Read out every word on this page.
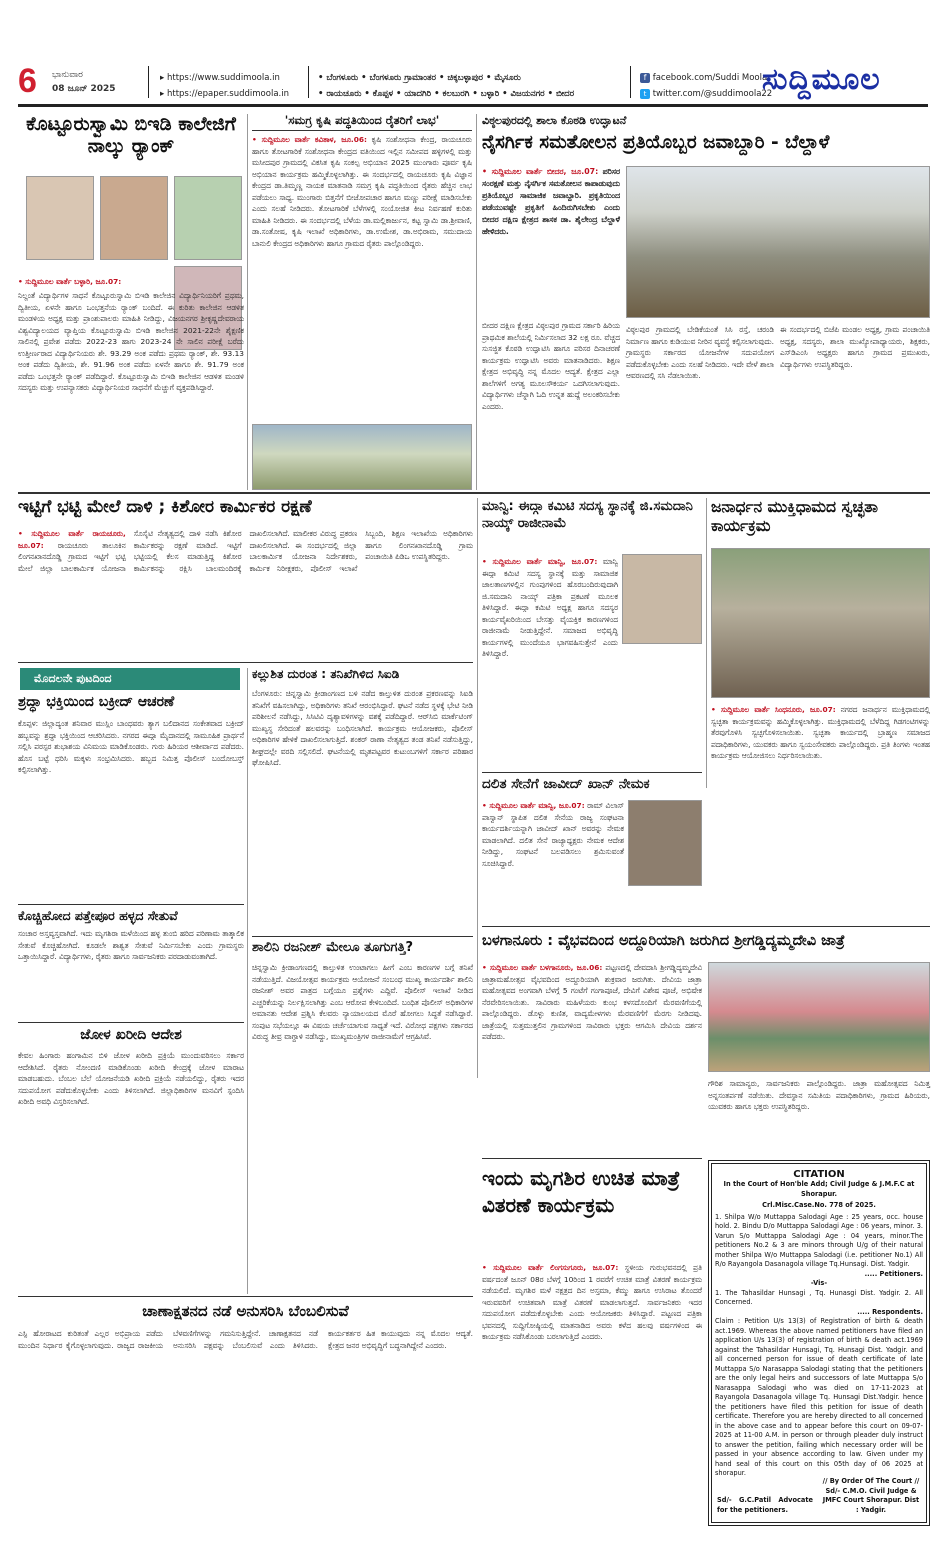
6 ಭಾನುವಾರ
08 ಜೂನ್ 2025
▸ https://www.suddimoola.in
▸ https://epaper.suddimoola.in
• ಬೆಂಗಳೂರು • ಬೆಂಗಳೂರು ಗ್ರಾಮಾಂತರ • ಚಿಕ್ಕಬಳ್ಳಾಪುರ • ಮೈಸೂರು
• ರಾಯಚೂರು • ಕೊಪ್ಪಳ • ಯಾದಗಿರಿ • ಕಲಬುರಗಿ • ಬಳ್ಳಾರಿ • ವಿಜಯನಗರ • ಬೀದರ
f facebook.com/Suddi Moola
t twitter.com/@suddimoola22
ಸುದ್ದಿಮೂಲ
ಕೊಟ್ಟೂರುಸ್ವಾಮಿ ಬಿಇಡಿ ಕಾಲೇಜಿಗೆ ನಾಲ್ಕು ರ್‍ಯಾಂಕ್
• ಸುದ್ದಿಮೂಲ ವಾರ್ತೆ ಬಳ್ಳಾರಿ, ಜೂ.07:
ನಿಲ್ದಂತೆ ವಿದ್ಯಾರ್ಥಿಗಳ ಸಾಧನೆ ಕೊಟ್ಟೂರುಸ್ವಾಮಿ ಬಿಇಡಿ ಕಾಲೇಜಿನ ವಿದ್ಯಾರ್ಥಿನಿಯರಿಗೆ ಪ್ರಥಮ, ದ್ವಿತೀಯ, ಏಳನೇ ಹಾಗೂ ಒಂಭತ್ತನೆಯ ರ್‍ಯಾಂಕ್ ಬಂದಿದೆ. ಈ ಕುರಿತು ಕಾಲೇಜಿನ ಆಡಳಿತ ಮಂಡಳಿಯ ಅಧ್ಯಕ್ಷ ಮತ್ತು ಪ್ರಾಂಶುಪಾಲರು ಮಾಹಿತಿ ನೀಡಿದ್ದು, ವಿಜಯನಗರ ಶ್ರೀಕೃಷ್ಣದೇವರಾಯ ವಿಶ್ವವಿದ್ಯಾಲಯದ ವ್ಯಾಪ್ತಿಯ ಕೊಟ್ಟೂರುಸ್ವಾಮಿ ಬಿಇಡಿ ಕಾಲೇಜಿನ 2021-22ನೇ ಶೈಕ್ಷಣಿಕ ಸಾಲಿನಲ್ಲಿ ಪ್ರವೇಶ ಪಡೆದು 2022-23 ಹಾಗು 2023-24 ನೇ ಸಾಲಿನ ಪರೀಕ್ಷೆ ಬರೆದು ಉತ್ತೀರ್ಣರಾದ ವಿದ್ಯಾರ್ಥಿನಿಯರು ಶೇ. 93.29 ಅಂಕ ಪಡೆದು ಪ್ರಥಮ ರ್‍ಯಾಂಕ್, ಶೇ. 93.13 ಅಂಕ ಪಡೆದು ದ್ವಿತೀಯ, ಶೇ. 91.96 ಅಂಕ ಪಡೆದು ಏಳನೇ ಹಾಗೂ ಶೇ. 91.79 ಅಂಕ ಪಡೆದು ಒಂಭತ್ತನೇ ರ್‍ಯಾಂಕ್ ಪಡೆದಿದ್ದಾರೆ. ಕೊಟ್ಟೂರುಸ್ವಾಮಿ ಬಿಇಡಿ ಕಾಲೇಜಿನ ಆಡಳಿತ ಮಂಡಳಿ ಸದಸ್ಯರು ಮತ್ತು ಉಪನ್ಯಾಸಕರು ವಿದ್ಯಾರ್ಥಿನಿಯರ ಸಾಧನೆಗೆ ಮೆಚ್ಚುಗೆ ವ್ಯಕ್ತಪಡಿಸಿದ್ದಾರೆ.
'ಸಮಗ್ರ ಕೃಷಿ ಪದ್ಧತಿಯಿಂದ ರೈತರಿಗೆ ಲಾಭ'
• ಸುದ್ದಿಮೂಲ ವಾರ್ತೆ ಕವಿತಾಳ, ಜೂ.06: ಕೃಷಿ ಸಂಶೋಧನಾ ಕೇಂದ್ರ, ರಾಯಚೂರು ಹಾಗೂ ತೋಟಗಾರಿಕೆ ಸಂಶೋಧನಾ ಕೇಂದ್ರದ ವತಿಯಿಂದ ಇಲ್ಲಿನ ಸಮೀಪದ ಹಳ್ಳಿಗಳಲ್ಲಿ ಮತ್ತು ಮಸೀದಪುರ ಗ್ರಾಮದಲ್ಲಿ ವಿಕಸಿತ ಕೃಷಿ ಸಂಕಲ್ಪ ಅಭಿಯಾನ 2025 ಮುಂಗಾರು ಪೂರ್ವ ಕೃಷಿ ಅಭಿಯಾನ ಕಾರ್ಯಕ್ರಮ ಹಮ್ಮಿಕೊಳ್ಳಲಾಗಿತ್ತು. ಈ ಸಂದರ್ಭದಲ್ಲಿ ರಾಯಚೂರು ಕೃಷಿ ವಿಜ್ಞಾನ ಕೇಂದ್ರದ ಡಾ.ತಿಮ್ಮಣ್ಣ ನಾಯಕ ಮಾತನಾಡಿ ಸಮಗ್ರ ಕೃಷಿ ಪದ್ಧತಿಯಿಂದ ರೈತರು ಹೆಚ್ಚಿನ ಲಾಭ ಪಡೆಯಲು ಸಾಧ್ಯ. ಮುಂಗಾರು ಬಿತ್ತನೆಗೆ ಬೀಜೋಪಚಾರ ಹಾಗೂ ಮಣ್ಣು ಪರೀಕ್ಷೆ ಮಾಡಿಸಬೇಕು ಎಂದು ಸಲಹೆ ನೀಡಿದರು. ತೋಟಗಾರಿಕೆ ಬೆಳೆಗಳಲ್ಲಿ ಸಂಯೋಜಿತ ಕೀಟ ನಿರ್ವಹಣೆ ಕುರಿತು ಮಾಹಿತಿ ನೀಡಿದರು. ಈ ಸಂದರ್ಭದಲ್ಲಿ ಬೆಳೆಯ ಡಾ.ಮಲ್ಲಿಕಾರ್ಜುನ, ಕಟ್ಟ ಸ್ವಾಮಿ ಡಾ.ಶ್ರೀವಾಣಿ, ಡಾ.ಸಂತೋಷ, ಕೃಷಿ ಇಲಾಖೆ ಅಧಿಕಾರಿಗಳು, ಡಾ.ಉಮೇಶ, ಡಾ.ಅಭಿರಾಮ, ಸಮುದಾಯ ಬಾನುಲಿ ಕೇಂದ್ರದ ಅಧಿಕಾರಿಗಳು ಹಾಗೂ ಗ್ರಾಮದ ರೈತರು ಪಾಲ್ಗೊಂಡಿದ್ದರು.
ವಿಠ್ಠಲಪುರದಲ್ಲಿ ಶಾಲಾ ಕೊಠಡಿ ಉದ್ಘಾಟನೆ
ನೈಸರ್ಗಿಕ ಸಮತೋಲನ ಪ್ರತಿಯೊಬ್ಬರ ಜವಾಬ್ದಾರಿ - ಬೆಲ್ದಾಳೆ
• ಸುದ್ದಿಮೂಲ ವಾರ್ತೆ ಬೀದರ, ಜೂ.07: ಪರಿಸರ ಸಂರಕ್ಷಣೆ ಮತ್ತು ನೈಸರ್ಗಿಕ ಸಮತೋಲನ ಕಾಪಾಡುವುದು ಪ್ರತಿಯೊಬ್ಬರ ಸಾಮಾಜಿಕ ಜವಾಬ್ದಾರಿ. ಪ್ರಕೃತಿಯಿಂದ ಪಡೆಯುವಷ್ಟೇ ಪ್ರಕೃತಿಗೆ ಹಿಂದಿರುಗಿಸಬೇಕು ಎಂದು ಬೀದರ ದಕ್ಷಿಣ ಕ್ಷೇತ್ರದ ಶಾಸಕ ಡಾ. ಶೈಲೇಂದ್ರ ಬೆಲ್ದಾಳೆ ಹೇಳಿದರು.
ಬೀದರ ದಕ್ಷಿಣ ಕ್ಷೇತ್ರದ ವಿಠ್ಠಲಪುರ ಗ್ರಾಮದ ಸರ್ಕಾರಿ ಹಿರಿಯ ಪ್ರಾಥಮಿಕ ಶಾಲೆಯಲ್ಲಿ ನಿರ್ಮಿಸಲಾದ 32 ಲಕ್ಷ ರೂ. ವೆಚ್ಚದ ಸುಸಜ್ಜಿತ ಕೊಠಡಿ ಉದ್ಘಾಟಿಸಿ ಹಾಗೂ ಪರಿಸರ ದಿನಾಚರಣೆ ಕಾರ್ಯಕ್ರಮ ಉದ್ಘಾಟಿಸಿ ಅವರು ಮಾತನಾಡಿದರು. ಶಿಕ್ಷಣ ಕ್ಷೇತ್ರದ ಅಭಿವೃದ್ಧಿ ನನ್ನ ಮೊದಲ ಆದ್ಯತೆ. ಕ್ಷೇತ್ರದ ಎಲ್ಲಾ ಶಾಲೆಗಳಿಗೆ ಅಗತ್ಯ ಮೂಲಸೌಕರ್ಯ ಒದಗಿಸಲಾಗುವುದು. ವಿದ್ಯಾರ್ಥಿಗಳು ಚೆನ್ನಾಗಿ ಓದಿ ಉನ್ನತ ಹುದ್ದೆ ಅಲಂಕರಿಸಬೇಕು ಎಂದರು.
ವಿಠ್ಠಲಪುರ ಗ್ರಾಮದಲ್ಲಿ ಬೇಡಿಕೆಯಂತೆ ಸಿಸಿ ರಸ್ತೆ, ಚರಂಡಿ ನಿರ್ಮಾಣ ಹಾಗೂ ಕುಡಿಯುವ ನೀರಿನ ವ್ಯವಸ್ಥೆ ಕಲ್ಪಿಸಲಾಗುವುದು. ಗ್ರಾಮಸ್ಥರು ಸರ್ಕಾರದ ಯೋಜನೆಗಳ ಸದುಪಯೋಗ ಪಡೆದುಕೊಳ್ಳಬೇಕು ಎಂದು ಸಲಹೆ ನೀಡಿದರು. ಇದೇ ವೇಳೆ ಶಾಲಾ ಆವರಣದಲ್ಲಿ ಸಸಿ ನೆಡಲಾಯಿತು.
ಈ ಸಂದರ್ಭದಲ್ಲಿ ಬಿಜೆಪಿ ಮಂಡಲ ಅಧ್ಯಕ್ಷ, ಗ್ರಾಮ ಪಂಚಾಯಿತಿ ಅಧ್ಯಕ್ಷ, ಸದಸ್ಯರು, ಶಾಲಾ ಮುಖ್ಯೋಪಾಧ್ಯಾಯರು, ಶಿಕ್ಷಕರು, ಎಸ್‌ಡಿಎಂಸಿ ಅಧ್ಯಕ್ಷರು ಹಾಗೂ ಗ್ರಾಮದ ಪ್ರಮುಖರು, ವಿದ್ಯಾರ್ಥಿಗಳು ಉಪಸ್ಥಿತರಿದ್ದರು.
ಇಟ್ಟಿಗೆ ಭಟ್ಟಿ ಮೇಲೆ ದಾಳಿ ; ಕಿಶೋರ ಕಾರ್ಮಿಕರ ರಕ್ಷಣೆ
• ಸುದ್ದಿಮೂಲ ವಾರ್ತೆ ರಾಯಚೂರು, ಜೂ.07: ರಾಯಚೂರು ತಾಲೂಕಿನ ಲಿಂಗನಖಾನದೊಡ್ಡಿ ಗ್ರಾಮದ ಇಟ್ಟಿಗೆ ಭಟ್ಟಿ ಮೇಲೆ ಜಿಲ್ಲಾ ಬಾಲಕಾರ್ಮಿಕ ಯೋಜನಾ ಸೊಸೈಟಿ ನೇತೃತ್ವದಲ್ಲಿ ದಾಳಿ ನಡೆಸಿ ಕಿಶೋರ ಕಾರ್ಮಿಕರನ್ನು ರಕ್ಷಣೆ ಮಾಡಿದೆ. ಇಟ್ಟಿಗೆ ಭಟ್ಟಿಯಲ್ಲಿ ಕೆಲಸ ಮಾಡುತ್ತಿದ್ದ ಕಿಶೋರ ಕಾರ್ಮಿಕನನ್ನು ರಕ್ಷಿಸಿ ಬಾಲಮಂದಿರಕ್ಕೆ ದಾಖಲಿಸಲಾಗಿದೆ. ಮಾಲೀಕರ ವಿರುದ್ಧ ಪ್ರಕರಣ ದಾಖಲಿಸಲಾಗಿದೆ. ಈ ಸಂದರ್ಭದಲ್ಲಿ ಜಿಲ್ಲಾ ಬಾಲಕಾರ್ಮಿಕ ಯೋಜನಾ ನಿರ್ದೇಶಕರು, ಕಾರ್ಮಿಕ ನಿರೀಕ್ಷಕರು, ಪೊಲೀಸ್ ಇಲಾಖೆ ಸಿಬ್ಬಂದಿ, ಶಿಕ್ಷಣ ಇಲಾಖೆಯ ಅಧಿಕಾರಿಗಳು ಹಾಗೂ ಲಿಂಗನಖಾನದೊಡ್ಡಿ ಗ್ರಾಮ ಪಂಚಾಯಿತಿ ಪಿಡಿಒ ಉಪಸ್ಥಿತರಿದ್ದರು.
ಮಾನ್ವಿ: ಈದ್ಗಾ ಕಮಿಟಿ ಸದಸ್ಯ ಸ್ಥಾನಕ್ಕೆ ಜಿ.ಸಮದಾನಿ ನಾಯ್ಕ್ ರಾಜೀನಾಮೆ
• ಸುದ್ದಿಮೂಲ ವಾರ್ತೆ ಮಾನ್ವಿ, ಜೂ.07: ಮಾನ್ವಿ ಈದ್ಗಾ ಕಮಿಟಿ ಸದಸ್ಯ ಸ್ಥಾನಕ್ಕೆ ಮತ್ತು ಸಾಮಾಜಿಕ ಜಾಲತಾಣಗಳಲ್ಲಿನ ಗುಂಪುಗಳಿಂದ ಹೊರಬಂದಿರುವುದಾಗಿ ಜಿ.ಸಮದಾನಿ ನಾಯ್ಕ್ ಪತ್ರಿಕಾ ಪ್ರಕಟಣೆ ಮೂಲಕ ತಿಳಿಸಿದ್ದಾರೆ. ಈದ್ಗಾ ಕಮಿಟಿ ಅಧ್ಯಕ್ಷ ಹಾಗೂ ಸದಸ್ಯರ ಕಾರ್ಯವೈಖರಿಯಿಂದ ಬೇಸತ್ತು ವೈಯಕ್ತಿಕ ಕಾರಣಗಳಿಂದ ರಾಜೀನಾಮೆ ನೀಡುತ್ತಿದ್ದೇನೆ. ಸಮಾಜದ ಅಭಿವೃದ್ಧಿ ಕಾರ್ಯಗಳಲ್ಲಿ ಮುಂದೆಯೂ ಭಾಗವಹಿಸುತ್ತೇನೆ ಎಂದು ತಿಳಿಸಿದ್ದಾರೆ.
ಜನಾರ್ಧನ ಮುಕ್ತಿಧಾಮದ ಸ್ವಚ್ಛತಾ ಕಾರ್ಯಕ್ರಮ
• ಸುದ್ದಿಮೂಲ ವಾರ್ತೆ ಸಿಂಧನೂರು, ಜೂ.07: ನಗರದ ಜನಾರ್ಧನ ಮುಕ್ತಿಧಾಮದಲ್ಲಿ ಸ್ವಚ್ಛತಾ ಕಾರ್ಯಕ್ರಮವನ್ನು ಹಮ್ಮಿಕೊಳ್ಳಲಾಗಿತ್ತು. ಮುಕ್ತಿಧಾಮದಲ್ಲಿ ಬೆಳೆದಿದ್ದ ಗಿಡಗಂಟಿಗಳನ್ನು ತೆರವುಗೊಳಿಸಿ ಸ್ವಚ್ಛಗೊಳಿಸಲಾಯಿತು. ಸ್ವಚ್ಛತಾ ಕಾರ್ಯದಲ್ಲಿ ಬ್ರಾಹ್ಮಣ ಸಮಾಜದ ಪದಾಧಿಕಾರಿಗಳು, ಯುವಕರು ಹಾಗೂ ಸ್ವಯಂಸೇವಕರು ಪಾಲ್ಗೊಂಡಿದ್ದರು. ಪ್ರತಿ ತಿಂಗಳು ಇಂತಹ ಕಾರ್ಯಕ್ರಮ ಆಯೋಜಿಸಲು ನಿರ್ಧರಿಸಲಾಯಿತು.
ದಲಿತ ಸೇನೆಗೆ ಜಾವೀದ್ ಖಾನ್ ನೇಮಕ
• ಸುದ್ದಿಮೂಲ ವಾರ್ತೆ ಮಾನ್ವಿ, ಜೂ.07: ರಾಮ್ ವಿಲಾಸ್ ಪಾಸ್ವಾನ್ ಸ್ಥಾಪಿತ ದಲಿತ ಸೇನೆಯ ರಾಜ್ಯ ಸಂಘಟನಾ ಕಾರ್ಯದರ್ಶಿಯನ್ನಾಗಿ ಜಾವೀದ್ ಖಾನ್ ಅವರನ್ನು ನೇಮಕ ಮಾಡಲಾಗಿದೆ. ದಲಿತ ಸೇನೆ ರಾಜ್ಯಾಧ್ಯಕ್ಷರು ನೇಮಕ ಆದೇಶ ನೀಡಿದ್ದು, ಸಂಘಟನೆ ಬಲಪಡಿಸಲು ಶ್ರಮಿಸುವಂತೆ ಸೂಚಿಸಿದ್ದಾರೆ.
ಬಳಗಾನೂರು : ವೈಭವದಿಂದ ಅದ್ದೂರಿಯಾಗಿ ಜರುಗಿದ ಶ್ರೀಗಡ್ಡಿದ್ಯಮ್ಮದೇವಿ ಜಾತ್ರೆ
• ಸುದ್ದಿಮೂಲ ವಾರ್ತೆ ಬಳಗಾನೂರು, ಜೂ.06: ಪಟ್ಟಣದಲ್ಲಿ ದೇವದಾಸಿ ಶ್ರೀಗಡ್ಡಿದ್ಯಮ್ಮದೇವಿ ಜಾತ್ರಾಮಹೋತ್ಸವ ವೈಭವದಿಂದ ಅದ್ದೂರಿಯಾಗಿ ಶುಕ್ರವಾರ ಜರುಗಿತು. ದೇವಿಯ ಜಾತ್ರಾ ಮಹೋತ್ಸವದ ಅಂಗವಾಗಿ ಬೆಳಗ್ಗೆ 5 ಗಂಟೆಗೆ ಗಂಗಾಪೂಜೆ, ದೇವಿಗೆ ವಿಶೇಷ ಪೂಜೆ, ಅಭಿಷೇಕ ನೆರವೇರಿಸಲಾಯಿತು. ಸಾವಿರಾರು ಮಹಿಳೆಯರು ಕುಂಭ ಕಳಸದೊಂದಿಗೆ ಮೆರವಣಿಗೆಯಲ್ಲಿ ಪಾಲ್ಗೊಂಡಿದ್ದರು. ಡೊಳ್ಳು ಕುಣಿತ, ವಾದ್ಯಮೇಳಗಳು ಮೆರವಣಿಗೆಗೆ ಮೆರಗು ನೀಡಿದವು. ಜಾತ್ರೆಯಲ್ಲಿ ಸುತ್ತಮುತ್ತಲಿನ ಗ್ರಾಮಗಳಿಂದ ಸಾವಿರಾರು ಭಕ್ತರು ಆಗಮಿಸಿ ದೇವಿಯ ದರ್ಶನ ಪಡೆದರು.
ಗೌರಿಶ ಸಾಮಾನ್ಯರು, ಸಾರ್ವಜನಿಕರು ಪಾಲ್ಗೊಂಡಿದ್ದರು. ಜಾತ್ರಾ ಮಹೋತ್ಸವದ ನಿಮಿತ್ತ ಅನ್ನಸಂತರ್ಪಣೆ ನಡೆಯಿತು. ದೇವಸ್ಥಾನ ಸಮಿತಿಯ ಪದಾಧಿಕಾರಿಗಳು, ಗ್ರಾಮದ ಹಿರಿಯರು, ಯುವಕರು ಹಾಗೂ ಭಕ್ತರು ಉಪಸ್ಥಿತರಿದ್ದರು.
ಇಂದು ಮೃಗಶಿರ ಉಚಿತ ಮಾತ್ರೆ ವಿತರಣೆ ಕಾರ್ಯಕ್ರಮ
• ಸುದ್ದಿಮೂಲ ವಾರ್ತೆ ಲಿಂಗಸುಗೂರು, ಜೂ.07: ಸ್ಥಳೀಯ ಗುರುಭವನದಲ್ಲಿ ಪ್ರತಿ ವರ್ಷದಂತೆ ಜೂನ್ 08ರ ಬೆಳಗ್ಗೆ 10ರಿಂದ 1 ರವರೆಗೆ ಉಚಿತ ಮಾತ್ರೆ ವಿತರಣೆ ಕಾರ್ಯಕ್ರಮ ನಡೆಯಲಿದೆ. ಮೃಗಶಿರ ಮಳೆ ನಕ್ಷತ್ರದ ದಿನ ಅಸ್ತಮಾ, ಕೆಮ್ಮು ಹಾಗೂ ಉಸಿರಾಟ ತೊಂದರೆ ಇರುವವರಿಗೆ ಉಚಿತವಾಗಿ ಮಾತ್ರೆ ವಿತರಣೆ ಮಾಡಲಾಗುತ್ತದೆ. ಸಾರ್ವಜನಿಕರು ಇದರ ಸದುಪಯೋಗ ಪಡೆದುಕೊಳ್ಳಬೇಕು ಎಂದು ಆಯೋಜಕರು ತಿಳಿಸಿದ್ದಾರೆ. ಪಟ್ಟಣದ ಪತ್ರಿಕಾ ಭವನದಲ್ಲಿ ಸುದ್ದಿಗೋಷ್ಠಿಯಲ್ಲಿ ಮಾತನಾಡಿದ ಅವರು ಕಳೆದ ಹಲವು ವರ್ಷಗಳಿಂದ ಈ ಕಾರ್ಯಕ್ರಮ ನಡೆಸಿಕೊಂಡು ಬರಲಾಗುತ್ತಿದೆ ಎಂದರು.
CITATION
In the Court of Hon'ble Add; Civil Judge & J.M.F.C at Shorapur.
Crl.Misc.Case.No. 778 of 2025.
1. Shilpa W/o Muttappa Salodagi Age : 25 years, occ. house hold. 2. Bindu D/o Muttappa Salodagi Age : 06 years, minor. 3. Varun S/o Muttappa Salodagi Age : 04 years, minor.The petitioners No.2 & 3 are minors through U/g of their natural mother Shilpa W/o Muttappa Salodagi (i.e. petitioner No.1) All R/o Rayangola Dasanagola village Tq.Hunsagi. Dist. Yadgir.
..... Petitioners.
-Vis-
1. The Tahasildar Hunsagi , Tq. Hunasgi Dist. Yadgir. 2. All Concerned.
..... Respondents.
Claim : Petition U/s 13(3) of Registration of birth & death act.1969. Whereas the above named petitioners have filed an application U/s 13(3) of registration of birth & death act.1969 against the Tahasildar Hunsagi, Tq. Hunsagi Dist. Yadgir. and all concerned person for issue of death certificate of late Muttappa S/o Narasappa Salodagi stating that the petitioners are the only legal heirs and successors of late Muttappa S/o Narasappa Salodagi who was died on 17-11-2023 at Rayangola Dasanagola village Tq. Hunsagi Dist.Yadgir. hence the petitioners have filed this petition for issue of death certificate. Therefore you are hereby directed to all concerned in the above case and to appear before this court on 09-07-2025 at 11-00 A.M. in person or through pleader duly instruct to answer the petition, failing which necessary order will be passed in your absence according to law. Given under my hand seal of this court on this 05th day of 06 2025 at shorapur.
Sd/- G.C.Patil Advocate for the petitioners.
// By Order Of The Court // Sd/- C.M.O. Civil Judge & JMFC Court Shorapur. Dist : Yadgir.
ಮೊದಲನೇ ಪುಟದಿಂದ
ಶ್ರದ್ಧಾ ಭಕ್ತಿಯಿಂದ ಬಕ್ರೀದ್ ಆಚರಣೆ
ಕೊಪ್ಪಳ: ಜಿಲ್ಲಾದ್ಯಂತ ಶನಿವಾರ ಮುಸ್ಲಿಂ ಬಾಂಧವರು ತ್ಯಾಗ ಬಲಿದಾನದ ಸಂಕೇತವಾದ ಬಕ್ರೀದ್ ಹಬ್ಬವನ್ನು ಶ್ರದ್ಧಾ ಭಕ್ತಿಯಿಂದ ಆಚರಿಸಿದರು. ನಗರದ ಈದ್ಗಾ ಮೈದಾನದಲ್ಲಿ ಸಾಮೂಹಿಕ ಪ್ರಾರ್ಥನೆ ಸಲ್ಲಿಸಿ ಪರಸ್ಪರ ಶುಭಾಶಯ ವಿನಿಮಯ ಮಾಡಿಕೊಂಡರು. ಗುರು ಹಿರಿಯರ ಆಶೀರ್ವಾದ ಪಡೆದರು. ಹೊಸ ಬಟ್ಟೆ ಧರಿಸಿ ಮಕ್ಕಳು ಸಂಭ್ರಮಿಸಿದರು. ಹಬ್ಬದ ನಿಮಿತ್ತ ಪೊಲೀಸ್ ಬಂದೋಬಸ್ತ್ ಕಲ್ಪಿಸಲಾಗಿತ್ತು.
ಕೊಚ್ಚಿಹೋದ ಪತ್ತೇಪೂರ ಹಳ್ಳದ ಸೇತುವೆ
ಸಂಚಾರ ಅಸ್ತವ್ಯಸ್ತವಾಗಿದೆ. ಇದು ಮೃಗಶಿರಾ ಮಳೆಯಿಂದ ಹಳ್ಳ ತುಂಬಿ ಹರಿದ ಪರಿಣಾಮ ತಾತ್ಕಾಲಿಕ ಸೇತುವೆ ಕೊಚ್ಚಿಹೋಗಿದೆ. ಕೂಡಲೇ ಶಾಶ್ವತ ಸೇತುವೆ ನಿರ್ಮಿಸಬೇಕು ಎಂದು ಗ್ರಾಮಸ್ಥರು ಒತ್ತಾಯಿಸಿದ್ದಾರೆ. ವಿದ್ಯಾರ್ಥಿಗಳು, ರೈತರು ಹಾಗೂ ಸಾರ್ವಜನಿಕರು ಪರದಾಡುವಂತಾಗಿದೆ.
ಜೋಳ ಖರೀದಿ ಆದೇಶ
ಕೇವಲ ಹಿಂಗಾರು ಹಂಗಾಮಿನ ಬಿಳಿ ಜೋಳ ಖರೀದಿ ಪ್ರಕ್ರಿಯೆ ಮುಂದುವರಿಸಲು ಸರ್ಕಾರ ಆದೇಶಿಸಿದೆ. ರೈತರು ನೋಂದಣಿ ಮಾಡಿಕೊಂಡು ಖರೀದಿ ಕೇಂದ್ರಕ್ಕೆ ಜೋಳ ಮಾರಾಟ ಮಾಡಬಹುದು. ಬೆಂಬಲ ಬೆಲೆ ಯೋಜನೆಯಡಿ ಖರೀದಿ ಪ್ರಕ್ರಿಯೆ ನಡೆಯಲಿದ್ದು, ರೈತರು ಇದರ ಸದುಪಯೋಗ ಪಡೆದುಕೊಳ್ಳಬೇಕು ಎಂದು ತಿಳಿಸಲಾಗಿದೆ. ಜಿಲ್ಲಾಧಿಕಾರಿಗಳ ಮನವಿಗೆ ಸ್ಪಂದಿಸಿ ಖರೀದಿ ಅವಧಿ ವಿಸ್ತರಿಸಲಾಗಿದೆ.
ಕಲ್ಲುಶಿತ ದುರಂತ : ತನಿಖೆಗಿಳಿದ ಸಿಐಡಿ
ಬೆಂಗಳೂರು: ಚಿನ್ನಸ್ವಾಮಿ ಕ್ರೀಡಾಂಗಣದ ಬಳಿ ನಡೆದ ಕಾಲ್ತುಳಿತ ದುರಂತ ಪ್ರಕರಣವನ್ನು ಸಿಐಡಿ ತನಿಖೆಗೆ ವಹಿಸಲಾಗಿದ್ದು, ಅಧಿಕಾರಿಗಳು ತನಿಖೆ ಆರಂಭಿಸಿದ್ದಾರೆ. ಘಟನೆ ನಡೆದ ಸ್ಥಳಕ್ಕೆ ಭೇಟಿ ನೀಡಿ ಪರಿಶೀಲನೆ ನಡೆಸಿದ್ದು, ಸಿಸಿಟಿವಿ ದೃಶ್ಯಾವಳಿಗಳನ್ನು ವಶಕ್ಕೆ ಪಡೆದಿದ್ದಾರೆ. ಆರ್‌ಸಿಬಿ ಮಾರ್ಕೆಟಿಂಗ್ ಮುಖ್ಯಸ್ಥ ಸೇರಿದಂತೆ ಹಲವರನ್ನು ಬಂಧಿಸಲಾಗಿದೆ. ಕಾರ್ಯಕ್ರಮ ಆಯೋಜಕರು, ಪೊಲೀಸ್ ಅಧಿಕಾರಿಗಳ ಹೇಳಿಕೆ ದಾಖಲಿಸಲಾಗುತ್ತಿದೆ. ಶಂಕರ್ ರಾಣಾ ನೇತೃತ್ವದ ತಂಡ ತನಿಖೆ ನಡೆಸುತ್ತಿದ್ದು, ಶೀಘ್ರದಲ್ಲೇ ವರದಿ ಸಲ್ಲಿಸಲಿದೆ. ಘಟನೆಯಲ್ಲಿ ಮೃತಪಟ್ಟವರ ಕುಟುಂಬಗಳಿಗೆ ಸರ್ಕಾರ ಪರಿಹಾರ ಘೋಷಿಸಿದೆ.
ಶಾಲಿನಿ ರಜನೀಶ್ ಮೇಲೂ ತೂಗುಗತ್ತಿ?
ಚಿನ್ನಸ್ವಾಮಿ ಕ್ರೀಡಾಂಗಣದಲ್ಲಿ ಕಾಲ್ತುಳಿತ ಉಂಟಾಗಲು ಹೀಗೆ ಎಂಬ ಕಾರಣಗಳ ಬಗ್ಗೆ ತನಿಖೆ ನಡೆಯುತ್ತಿದೆ. ವಿಜಯೋತ್ಸವ ಕಾರ್ಯಕ್ರಮ ಆಯೋಜನೆ ಸಂಬಂಧ ಮುಖ್ಯ ಕಾರ್ಯದರ್ಶಿ ಶಾಲಿನಿ ರಜನೀಶ್ ಅವರ ಪಾತ್ರದ ಬಗ್ಗೆಯೂ ಪ್ರಶ್ನೆಗಳು ಎದ್ದಿವೆ. ಪೊಲೀಸ್ ಇಲಾಖೆ ನೀಡಿದ ಎಚ್ಚರಿಕೆಯನ್ನು ನಿರ್ಲಕ್ಷಿಸಲಾಗಿತ್ತು ಎಂಬ ಆರೋಪ ಕೇಳಿಬಂದಿದೆ. ಬಂಧಿತ ಪೊಲೀಸ್ ಅಧಿಕಾರಿಗಳ ಅಮಾನತು ಆದೇಶ ಪ್ರಶ್ನಿಸಿ ಕೆಲವರು ನ್ಯಾಯಾಲಯದ ಮೊರೆ ಹೋಗಲು ಸಿದ್ಧತೆ ನಡೆಸಿದ್ದಾರೆ. ಸಂಪುಟ ಸಭೆಯಲ್ಲೂ ಈ ವಿಷಯ ಚರ್ಚೆಯಾಗುವ ಸಾಧ್ಯತೆ ಇದೆ. ವಿರೋಧ ಪಕ್ಷಗಳು ಸರ್ಕಾರದ ವಿರುದ್ಧ ತೀವ್ರ ವಾಗ್ದಾಳಿ ನಡೆಸಿದ್ದು, ಮುಖ್ಯಮಂತ್ರಿಗಳ ರಾಜೀನಾಮೆಗೆ ಆಗ್ರಹಿಸಿವೆ.
ಚಾಣಾಕ್ಷತನದ ನಡೆ ಅನುಸರಿಸಿ ಬೆಂಬಲಿಸುವೆ
ಎಸ್ಪಿ ಹೋರಾಟದ ಕುರಿತಂತೆ ಎಲ್ಲರ ಅಭಿಪ್ರಾಯ ಪಡೆದು ಮುಂದಿನ ನಿರ್ಧಾರ ಕೈಗೊಳ್ಳಲಾಗುವುದು. ರಾಜ್ಯದ ರಾಜಕೀಯ ಬೆಳವಣಿಗೆಗಳನ್ನು ಗಮನಿಸುತ್ತಿದ್ದೇನೆ. ಚಾಣಾಕ್ಷತನದ ನಡೆ ಅನುಸರಿಸಿ ಪಕ್ಷವನ್ನು ಬೆಂಬಲಿಸುವೆ ಎಂದು ತಿಳಿಸಿದರು. ಕಾರ್ಯಕರ್ತರ ಹಿತ ಕಾಯುವುದು ನನ್ನ ಮೊದಲ ಆದ್ಯತೆ. ಕ್ಷೇತ್ರದ ಜನರ ಅಭಿವೃದ್ಧಿಗೆ ಬದ್ಧನಾಗಿದ್ದೇನೆ ಎಂದರು.
